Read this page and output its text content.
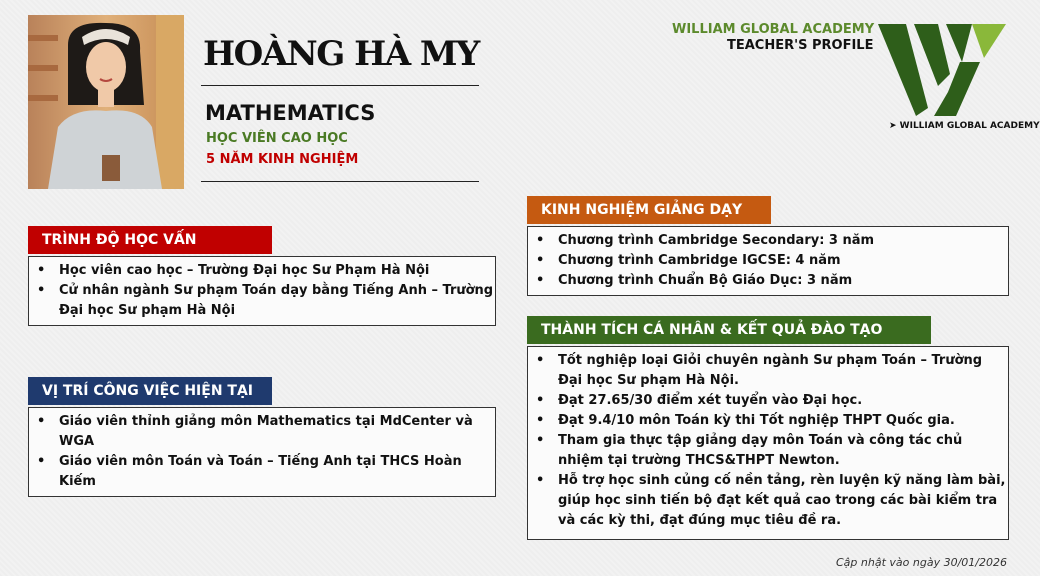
HOÀNG HÀ MY
MATHEMATICS
HỌC VIÊN CAO HỌC
5 NĂM KINH NGHIỆM
WILLIAM GLOBAL ACADEMY
TEACHER'S PROFILE
➤ WILLIAM GLOBAL ACADEMY
TRÌNH ĐỘ HỌC VẤN
• Học viên cao học – Trường Đại học Sư Phạm Hà Nội
• Cử nhân ngành Sư phạm Toán dạy bằng Tiếng Anh – Trường Đại học Sư phạm Hà Nội
VỊ TRÍ CÔNG VIỆC HIỆN TẠI
• Giáo viên thỉnh giảng môn Mathematics tại MdCenter và WGA
• Giáo viên môn Toán và Toán – Tiếng Anh tại THCS Hoàn Kiếm
KINH NGHIỆM GIẢNG DẠY
• Chương trình Cambridge Secondary: 3 năm
• Chương trình Cambridge IGCSE: 4 năm
• Chương trình Chuẩn Bộ Giáo Dục: 3 năm
THÀNH TÍCH CÁ NHÂN & KẾT QUẢ ĐÀO TẠO
• Tốt nghiệp loại Giỏi chuyên ngành Sư phạm Toán – Trường Đại học Sư phạm Hà Nội.
• Đạt 27.65/30 điểm xét tuyển vào Đại học.
• Đạt 9.4/10 môn Toán kỳ thi Tốt nghiệp THPT Quốc gia.
• Tham gia thực tập giảng dạy môn Toán và công tác chủ nhiệm tại trường THCS&THPT Newton.
• Hỗ trợ học sinh củng cố nền tảng, rèn luyện kỹ năng làm bài, giúp học sinh tiến bộ đạt kết quả cao trong các bài kiểm tra và các kỳ thi, đạt đúng mục tiêu đề ra.
Cập nhật vào ngày 30/01/2026
